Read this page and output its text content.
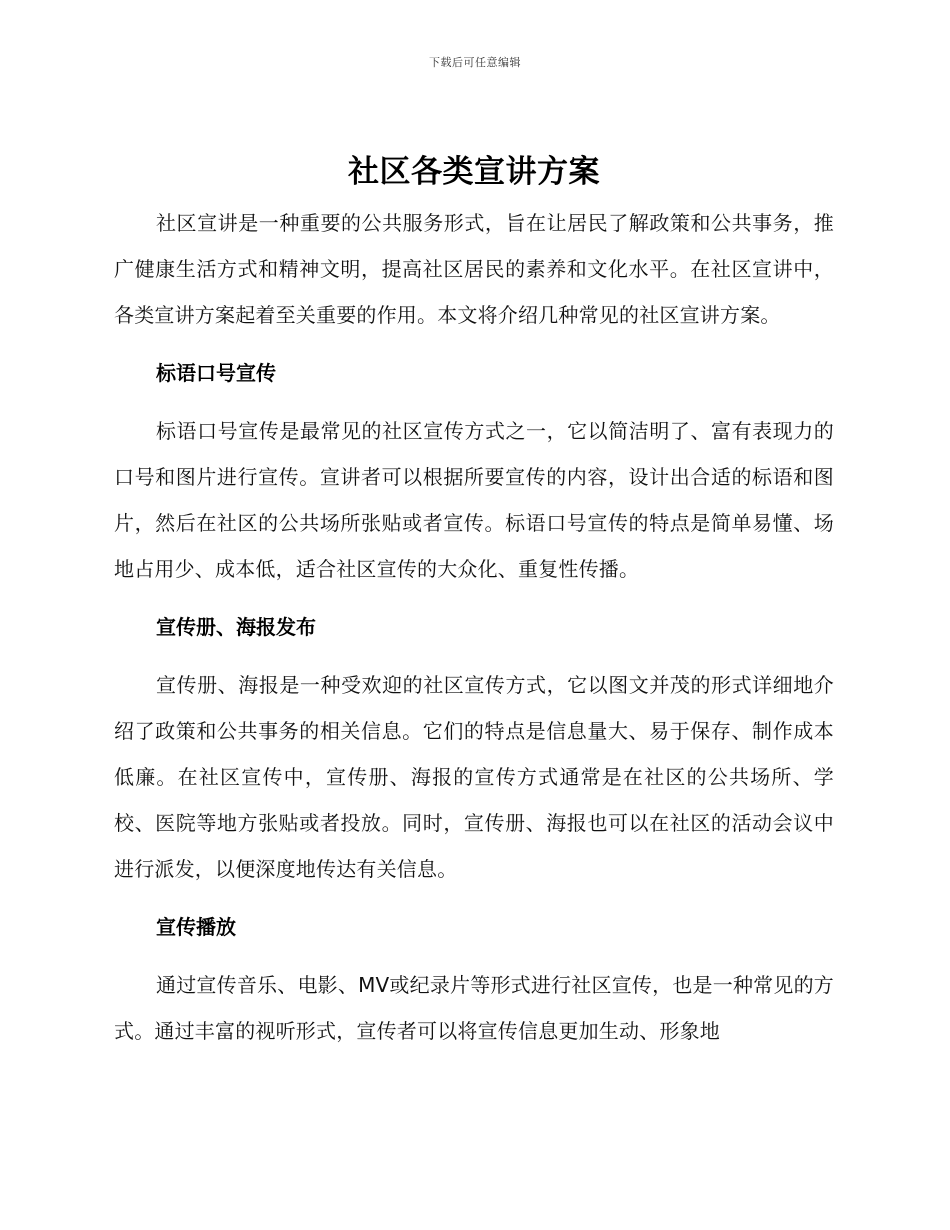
下载后可任意编辑
社区各类宣讲方案

社区宣讲是一种重要的公共服务形式，旨在让居民了解政策和公共事务，推广健康生活方式和精神文明，提高社区居民的素养和文化水平。在社区宣讲中，各类宣讲方案起着至关重要的作用。本文将介绍几种常见的社区宣讲方案。

标语口号宣传

标语口号宣传是最常见的社区宣传方式之一，它以简洁明了、富有表现力的口号和图片进行宣传。宣讲者可以根据所要宣传的内容，设计出合适的标语和图片，然后在社区的公共场所张贴或者宣传。标语口号宣传的特点是简单易懂、场地占用少、成本低，适合社区宣传的大众化、重复性传播。

宣传册、海报发布

宣传册、海报是一种受欢迎的社区宣传方式，它以图文并茂的形式详细地介绍了政策和公共事务的相关信息。它们的特点是信息量大、易于保存、制作成本低廉。在社区宣传中，宣传册、海报的宣传方式通常是在社区的公共场所、学校、医院等地方张贴或者投放。同时，宣传册、海报也可以在社区的活动会议中进行派发，以便深度地传达有关信息。

宣传播放

通过宣传音乐、电影、MV或纪录片等形式进行社区宣传，也是一种常见的方式。通过丰富的视听形式，宣传者可以将宣传信息更加生动、形象地
